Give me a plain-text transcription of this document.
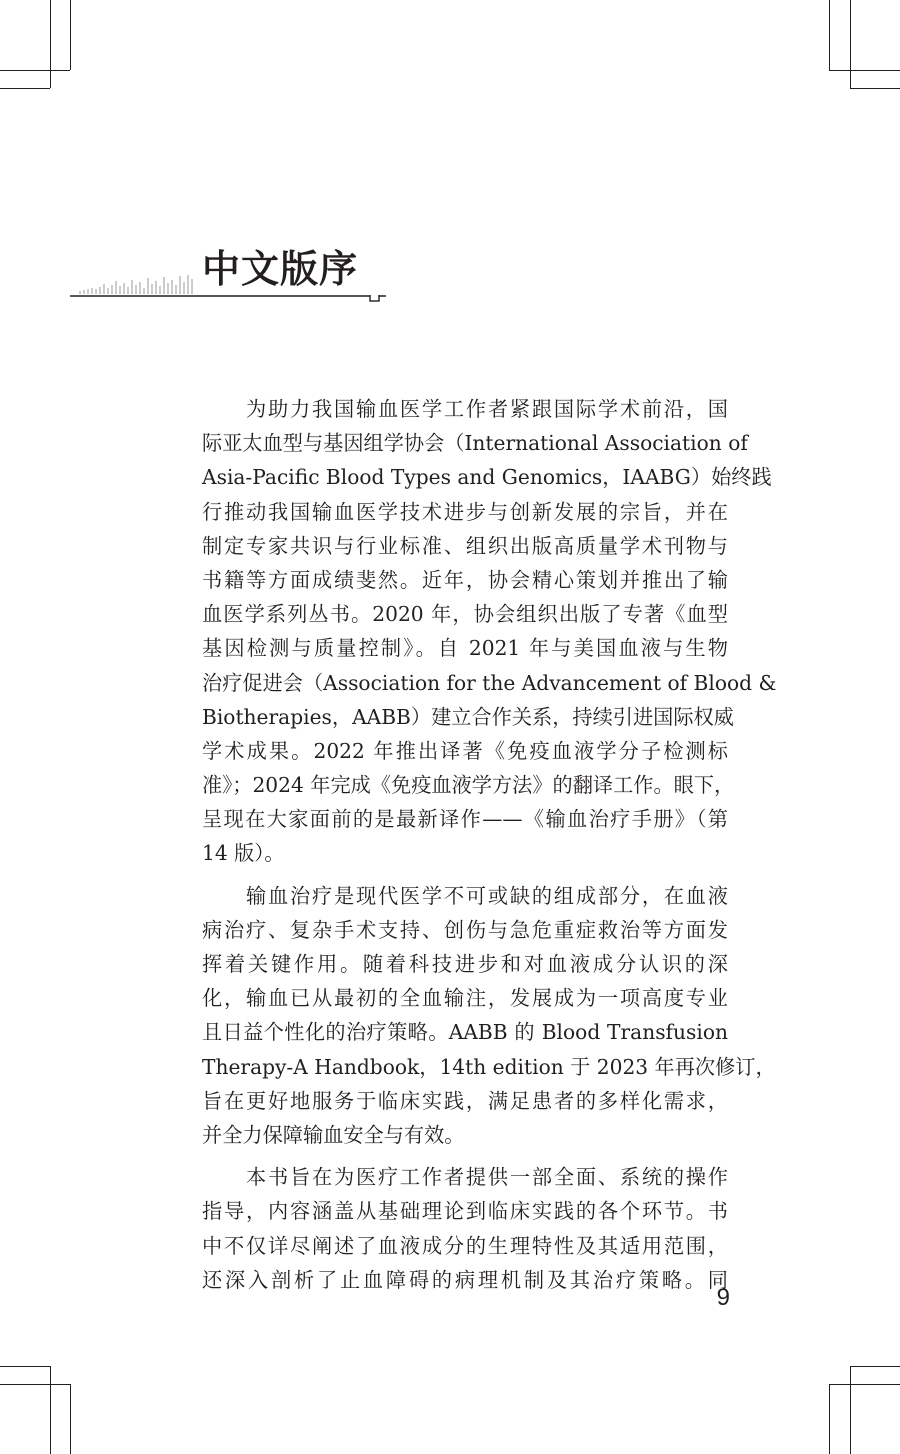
中文版序
为助力我国输血医学工作者紧跟国际学术前沿，国
际亚太血型与基因组学协会（International Association of
Asia-Pacific Blood Types and Genomics，IAABG）始终践
行推动我国输血医学技术进步与创新发展的宗旨，并在
制定专家共识与行业标准、组织出版高质量学术刊物与
书籍等方面成绩斐然。近年，协会精心策划并推出了输
血医学系列丛书。2020 年，协会组织出版了专著《血型
基因检测与质量控制》。自 2021 年与美国血液与生物
治疗促进会（Association for the Advancement of Blood &
Biotherapies，AABB）建立合作关系，持续引进国际权威
学术成果。2022 年推出译著《免疫血液学分子检测标
准》；2024 年完成《免疫血液学方法》的翻译工作。眼下，
呈现在大家面前的是最新译作——《输血治疗手册》（第
14 版）。
输血治疗是现代医学不可或缺的组成部分，在血液
病治疗、复杂手术支持、创伤与急危重症救治等方面发
挥着关键作用。随着科技进步和对血液成分认识的深
化，输血已从最初的全血输注，发展成为一项高度专业
且日益个性化的治疗策略。AABB 的 Blood Transfusion
Therapy-A Handbook，14th edition 于 2023 年再次修订，
旨在更好地服务于临床实践，满足患者的多样化需求，
并全力保障输血安全与有效。
本书旨在为医疗工作者提供一部全面、系统的操作
指导，内容涵盖从基础理论到临床实践的各个环节。书
中不仅详尽阐述了血液成分的生理特性及其适用范围，
还深入剖析了止血障碍的病理机制及其治疗策略。同
9
